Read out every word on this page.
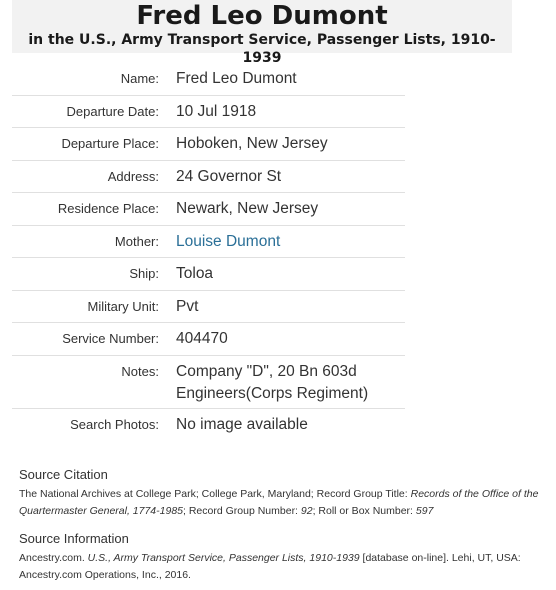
Fred Leo Dumont
in the U.S., Army Transport Service, Passenger Lists, 1910-1939
Name:	Fred Leo Dumont
Departure Date:	10 Jul 1918
Departure Place:	Hoboken, New Jersey
Address:	24 Governor St
Residence Place:	Newark, New Jersey
Mother:	Louise Dumont
Ship:	Toloa
Military Unit:	Pvt
Service Number:	404470
Notes: Company "D", 20 Bn 603d
Engineers(Corps Regiment)
Search Photos:	No image available
Source Citation
The National Archives at College Park; College Park, Maryland; Record Group Title: Records of the Office of the Quartermaster General, 1774-1985; Record Group Number: 92; Roll or Box Number: 597
Source Information
Ancestry.com. U.S., Army Transport Service, Passenger Lists, 1910-1939 [database on-line]. Lehi, UT, USA: Ancestry.com Operations, Inc., 2016.
